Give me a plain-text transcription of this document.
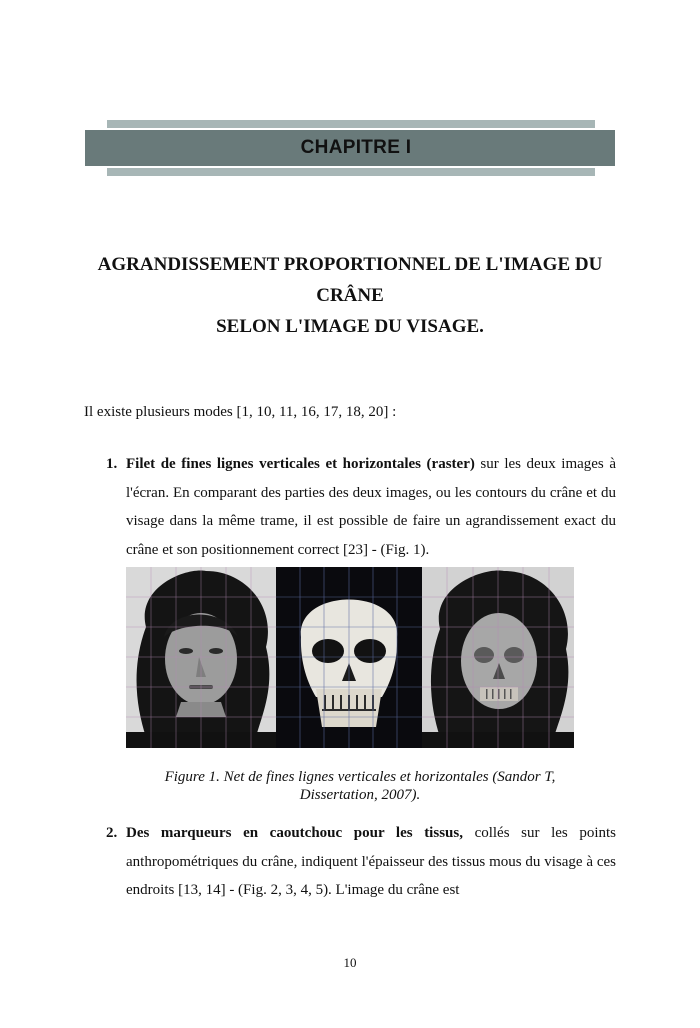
CHAPITRE I
AGRANDISSEMENT PROPORTIONNEL DE L'IMAGE DU
CRÂNE
SELON L'IMAGE DU VISAGE.
Il existe plusieurs modes [1, 10, 11, 16, 17, 18, 20] :
1. Filet de fines lignes verticales et horizontales (raster) sur les deux images à l'écran. En comparant des parties des deux images, ou les contours du crâne et du visage dans la même trame, il est possible de faire un agrandissement exact du crâne et son positionnement correct [23] - (Fig. 1).
Figure 1. Net de fines lignes verticales et horizontales (Sandor T,
Dissertation, 2007).
2. Des marqueurs en caoutchouc pour les tissus, collés sur les points anthropométriques du crâne, indiquent l'épaisseur des tissus mous du visage à ces endroits [13, 14] - (Fig. 2, 3, 4, 5). L'image du crâne est
10
